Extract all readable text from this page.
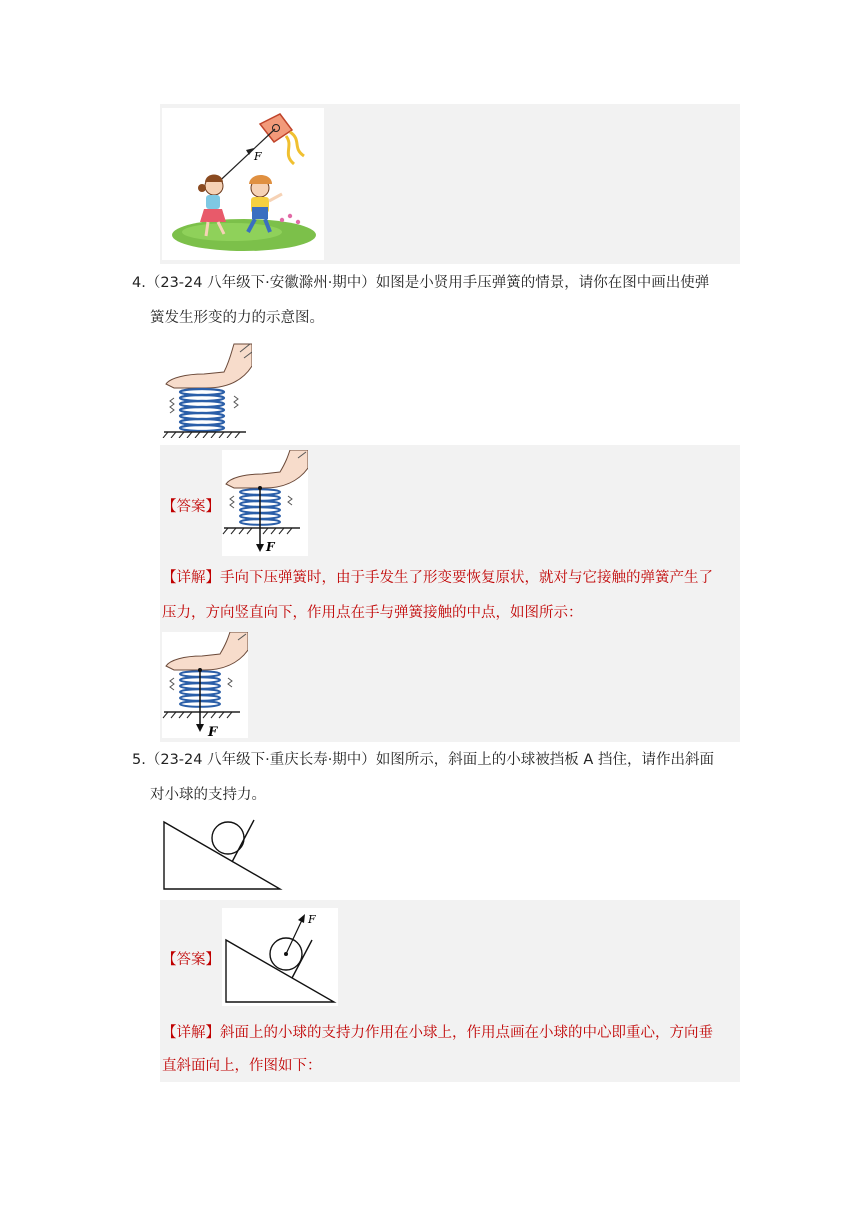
F
4.（23-24 八年级下·安徽滁州·期中）如图是小贤用手压弹簧的情景，请你在图中画出使弹
簧发生形变的力的示意图。
【答案】
F
【详解】手向下压弹簧时，由于手发生了形变要恢复原状，就对与它接触的弹簧产生了
压力，方向竖直向下，作用点在手与弹簧接触的中点，如图所示：
F
5.（23-24 八年级下·重庆长寿·期中）如图所示，斜面上的小球被挡板 A 挡住，请作出斜面
对小球的支持力。
【答案】
F
【详解】斜面上的小球的支持力作用在小球上，作用点画在小球的中心即重心，方向垂
直斜面向上，作图如下：
